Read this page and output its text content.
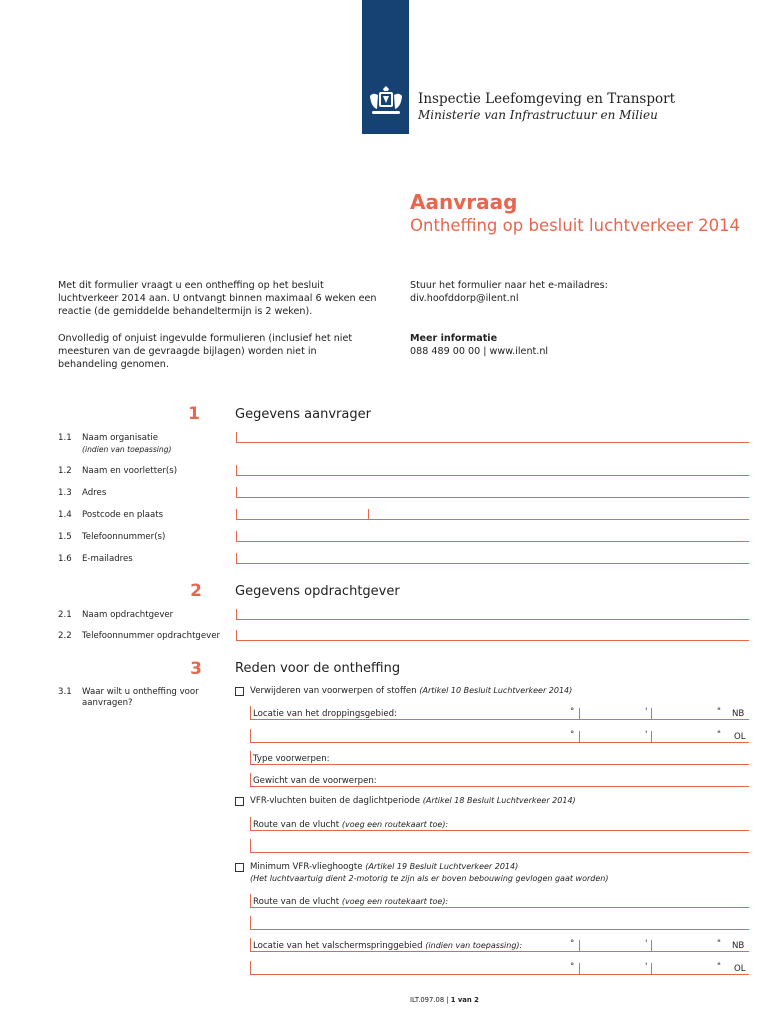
Inspectie Leefomgeving en Transport
Ministerie van Infrastructuur en Milieu
Aanvraag
Ontheffing op besluit luchtverkeer 2014
Met dit formulier vraagt u een ontheffing op het besluit luchtverkeer 2014 aan. U ontvangt binnen maximaal 6 weken een reactie (de gemiddelde behandeltermijn is 2 weken).
Onvolledig of onjuist ingevulde formulieren (inclusief het niet meesturen van de gevraagde bijlagen) worden niet in behandeling genomen.
Stuur het formulier naar het e-mailadres:
div.hoofddorp@ilent.nl
Meer informatie
088 489 00 00 | www.ilent.nl
1	Gegevens aanvrager
1.1 Naam organisatie
(indien van toepassing)
1.2 Naam en voorletter(s)
1.3 Adres
1.4 Postcode en plaats
1.5 Telefoonnummer(s)
1.6 E-mailadres
2	Gegevens opdrachtgever
2.1 Naam opdrachtgever
2.2 Telefoonnummer opdrachtgever
3	Reden voor de ontheffing
3.1 Waar wilt u ontheffing voor aanvragen?
Verwijderen van voorwerpen of stoffen (Artikel 10 Besluit Luchtverkeer 2014)
Locatie van het droppingsgebied:	°	'	" NB
°	'	" OL
Type voorwerpen:
Gewicht van de voorwerpen:
VFR-vluchten buiten de daglichtperiode (Artikel 18 Besluit Luchtverkeer 2014)
Route van de vlucht (voeg een routekaart toe):
Minimum VFR-vlieghoogte (Artikel 19 Besluit Luchtverkeer 2014)
(Het luchtvaartuig dient 2-motorig te zijn als er boven bebouwing gevlogen gaat worden)
Route van de vlucht (voeg een routekaart toe):
Locatie van het valschermspringgebied (indien van toepassing):	°	'	" NB
°	'	" OL
ILT.097.08 | 1 van 2
